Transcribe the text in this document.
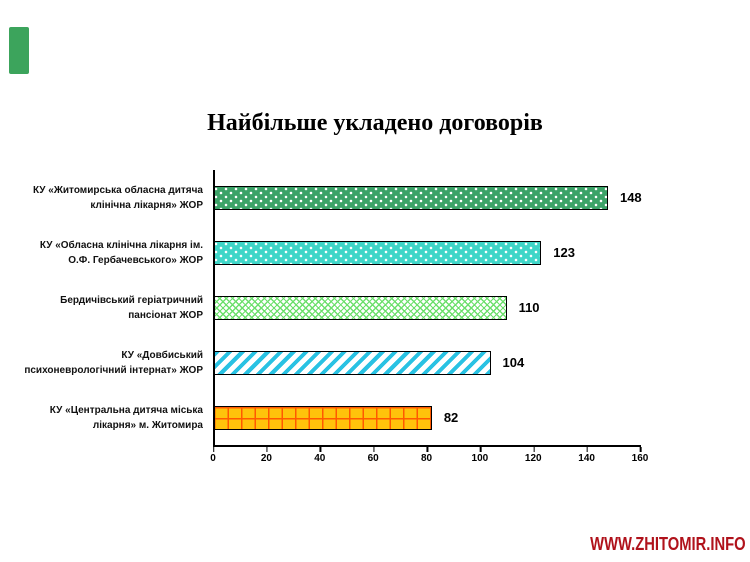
Найбільше укладено договорів
КУ «Житомирська обласна дитяча
клінічна лікарня» ЖОР	148
КУ «Обласна клінічна лікарня ім.
О.Ф. Гербачевського» ЖОР	123
Бердичівський геріатричний
пансіонат ЖОР	110
КУ «Довбиський
психоневрологічний інтернат» ЖОР	104
КУ «Центральна дитяча міська
лікарня» м. Житомира	82
0	20	40	60	80	100	120	140	160
WWW.ZHITOMIR.INFO
